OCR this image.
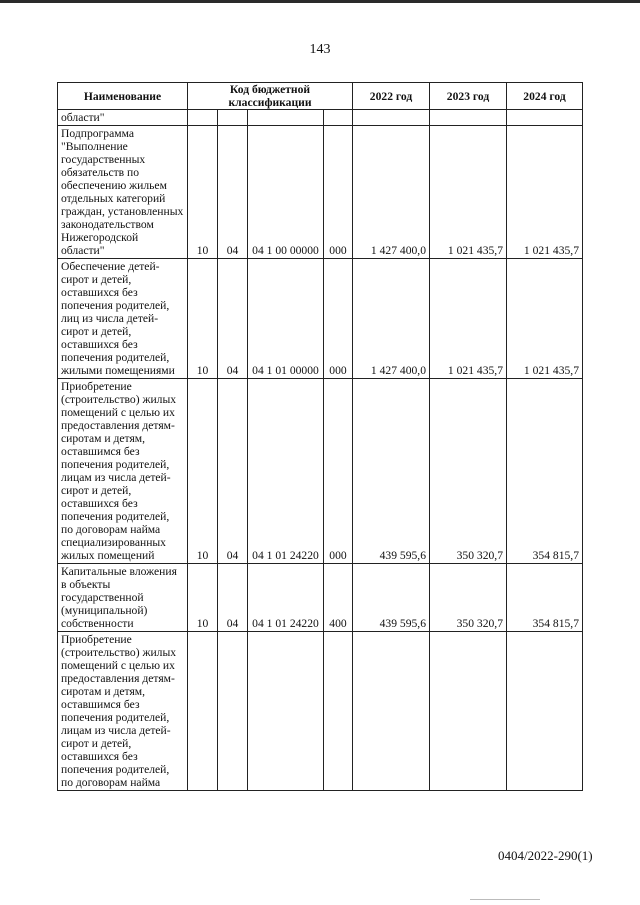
143
Наименование	Код бюджетной классификации				2022 год	2023 год	2024 год
области"							
Подпрограмма "Выполнение государственных обязательств по обеспечению жильем отдельных категорий граждан, установленных законодательством Нижегородской области"	10	04	04 1 00 00000	000	1 427 400,0	1 021 435,7	1 021 435,7
Обеспечение детей-сирот и детей, оставшихся без попечения родителей, лиц из числа детей-сирот и детей, оставшихся без попечения родителей, жилыми помещениями	10	04	04 1 01 00000	000	1 427 400,0	1 021 435,7	1 021 435,7
Приобретение (строительство) жилых помещений с целью их предоставления детям-сиротам и детям, оставшимся без попечения родителей, лицам из числа детей-сирот и детей, оставшихся без попечения родителей, по договорам найма специализированных жилых помещений	10	04	04 1 01 24220	000	439 595,6	350 320,7	354 815,7
Капитальные вложения в объекты государственной (муниципальной) собственности	10	04	04 1 01 24220	400	439 595,6	350 320,7	354 815,7
Приобретение (строительство) жилых помещений с целью их предоставления детям-сиротам и детям, оставшимся без попечения родителей, лицам из числа детей-сирот и детей, оставшихся без попечения родителей, по договорам найма							
0404/2022-290(1)
